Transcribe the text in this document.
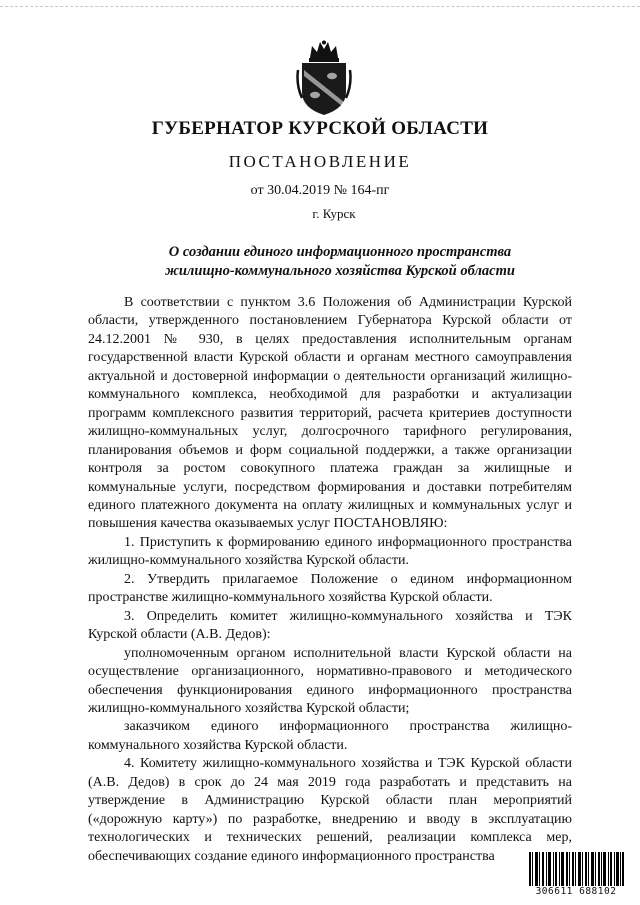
ГУБЕРНАТОР КУРСКОЙ ОБЛАСТИ
ПОСТАНОВЛЕНИЕ
от 30.04.2019 № 164-пг
г. Курск
О создании единого информационного пространства
жилищно-коммунального хозяйства Курской области

В соответствии с пунктом 3.6 Положения об Администрации Курской области, утвержденного постановлением Губернатора Курской области от 24.12.2001 № 930, в целях предоставления исполнительным органам государственной власти Курской области и органам местного самоуправления актуальной и достоверной информации о деятельности организаций жилищно-коммунального комплекса, необходимой для разработки и актуализации программ комплексного развития территорий, расчета критериев доступности жилищно-коммунальных услуг, долгосрочного тарифного регулирования, планирования объемов и форм социальной поддержки, а также организации контроля за ростом совокупного платежа граждан за жилищные и коммунальные услуги, посредством формирования и доставки потребителям единого платежного документа на оплату жилищных и коммунальных услуг и повышения качества оказываемых услуг ПОСТАНОВЛЯЮ:

1. Приступить к формированию единого информационного пространства жилищно-коммунального хозяйства Курской области.

2. Утвердить прилагаемое Положение о едином информационном пространстве жилищно-коммунального хозяйства Курской области.

3. Определить комитет жилищно-коммунального хозяйства и ТЭК Курской области (А.В. Дедов):

уполномоченным органом исполнительной власти Курской области на осуществление организационного, нормативно-правового и методического обеспечения функционирования единого информационного пространства жилищно-коммунального хозяйства Курской области;

заказчиком единого информационного пространства жилищно-коммунального хозяйства Курской области.

4. Комитету жилищно-коммунального хозяйства и ТЭК Курской области (А.В. Дедов) в срок до 24 мая 2019 года разработать и представить на утверждение в Администрацию Курской области план мероприятий («дорожную карту») по разработке, внедрению и вводу в эксплуатацию технологических и технических решений, реализации комплекса мер, обеспечивающих создание единого информационного пространства

306611 688102
